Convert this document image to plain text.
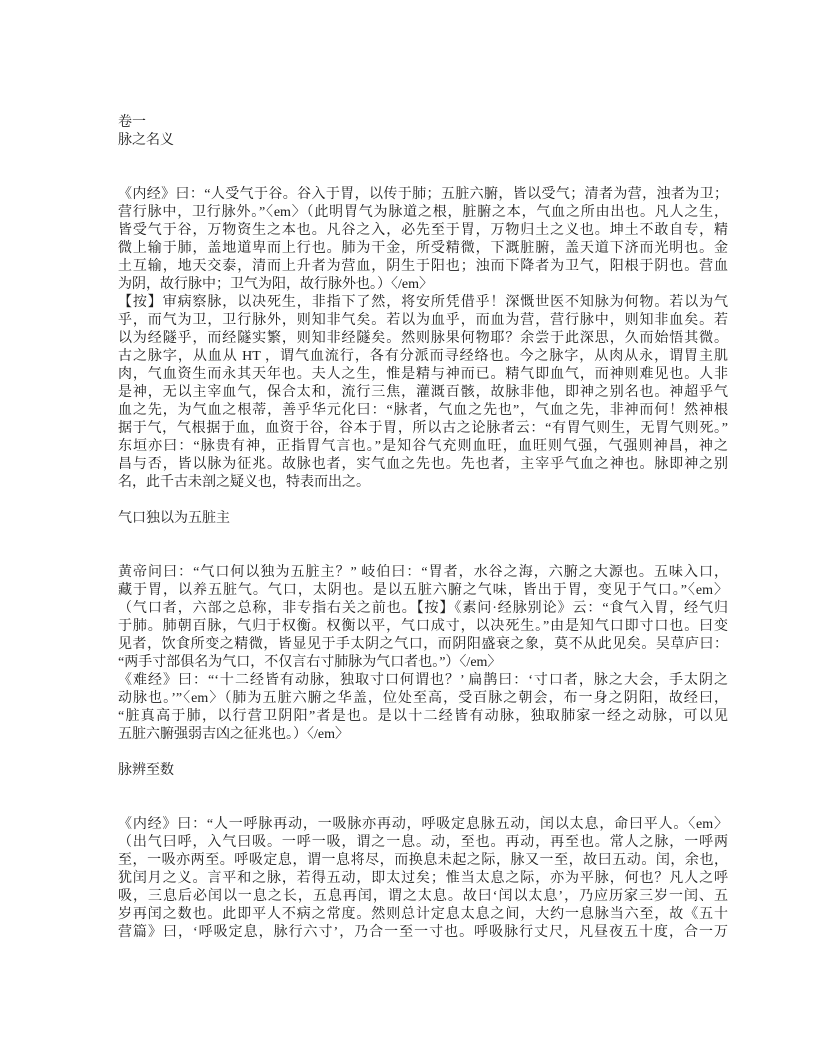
卷一
脉之名义
《内经》曰：“人受气于谷。谷入于胃，以传于肺；五脏六腑，皆以受气；清者为营，浊者为卫；
营行脉中，卫行脉外。”〈em〉（此明胃气为脉道之根，脏腑之本，气血之所由出也。凡人之生，
皆受气于谷，万物资生之本也。凡谷之入，必先至于胃，万物归土之义也。坤土不敢自专，精
微上输于肺，盖地道卑而上行也。肺为干金，所受精微，下溉脏腑，盖天道下济而光明也。金
土互输，地天交泰，清而上升者为营血，阴生于阳也；浊而下降者为卫气，阳根于阴也。营血
为阴，故行脉中；卫气为阳，故行脉外也。）〈/em〉
【按】审病察脉，以决死生，非指下了然，将安所凭借乎！深慨世医不知脉为何物。若以为气
乎，而气为卫，卫行脉外，则知非气矣。若以为血乎，而血为营，营行脉中，则知非血矣。若
以为经隧乎，而经隧实繁，则知非经隧矣。然则脉果何物耶？余尝于此深思，久而始悟其微。
古之脉字，从血从 HT ，谓气血流行，各有分派而寻经络也。今之脉字，从肉从永，谓胃主肌
肉，气血资生而永其天年也。夫人之生，惟是精与神而已。精气即血气，而神则难见也。人非
是神，无以主宰血气，保合太和，流行三焦，灌溉百骸，故脉非他，即神之别名也。神超乎气
血之先，为气血之根蒂，善乎华元化曰：“脉者，气血之先也”，气血之先，非神而何！然神根
据于气，气根据于血，血资于谷，谷本于胃，所以古之论脉者云：“有胃气则生，无胃气则死。”
东垣亦曰：“脉贵有神，正指胃气言也。”是知谷气充则血旺，血旺则气强，气强则神昌，神之
昌与否，皆以脉为征兆。故脉也者，实气血之先也。先也者，主宰乎气血之神也。脉即神之别
名，此千古未剖之疑义也，特表而出之。
气口独以为五脏主
黄帝问曰：“气口何以独为五脏主？” 岐伯曰：“胃者，水谷之海，六腑之大源也。五味入口，
藏于胃，以养五脏气。气口，太阴也。是以五脏六腑之气味，皆出于胃，变见于气口。”〈em〉
（气口者，六部之总称，非专指右关之前也。【按】《素问·经脉别论》云：“食气入胃，经气归
于肺。肺朝百脉，气归于权衡。权衡以平，气口成寸，以决死生。”由是知气口即寸口也。曰变
见者，饮食所变之精微，皆显见于手太阴之气口，而阴阳盛衰之象，莫不从此见矣。吴草庐曰：
“两手寸部俱名为气口，不仅言右寸肺脉为气口者也。”）〈/em〉
《难经》曰：“‘十二经皆有动脉，独取寸口何谓也？’ 扁鹊曰：‘寸口者，脉之大会，手太阴之
动脉也。’”〈em〉（肺为五脏六腑之华盖，位处至高，受百脉之朝会，布一身之阴阳，故经曰，
“脏真高于肺，以行营卫阴阳”者是也。是以十二经皆有动脉，独取肺家一经之动脉，可以见
五脏六腑强弱吉凶之征兆也。）〈/em〉
脉辨至数
《内经》曰：“人一呼脉再动，一吸脉亦再动，呼吸定息脉五动，闰以太息，命曰平人。〈em〉
（出气曰呼，入气曰吸。一呼一吸，谓之一息。动，至也。再动，再至也。常人之脉，一呼两
至，一吸亦两至。呼吸定息，谓一息将尽，而换息未起之际，脉又一至，故曰五动。闰，余也，
犹闰月之义。言平和之脉，若得五动，即太过矣；惟当太息之际，亦为平脉，何也？凡人之呼
吸，三息后必闰以一息之长，五息再闰，谓之太息。故曰‘闰以太息’，乃应历家三岁一闰、五
岁再闰之数也。此即平人不病之常度。然则总计定息太息之间，大约一息脉当六至，故《五十
营篇》曰，‘呼吸定息，脉行六寸’，乃合一至一寸也。呼吸脉行丈尺，凡昼夜五十度，合一万
